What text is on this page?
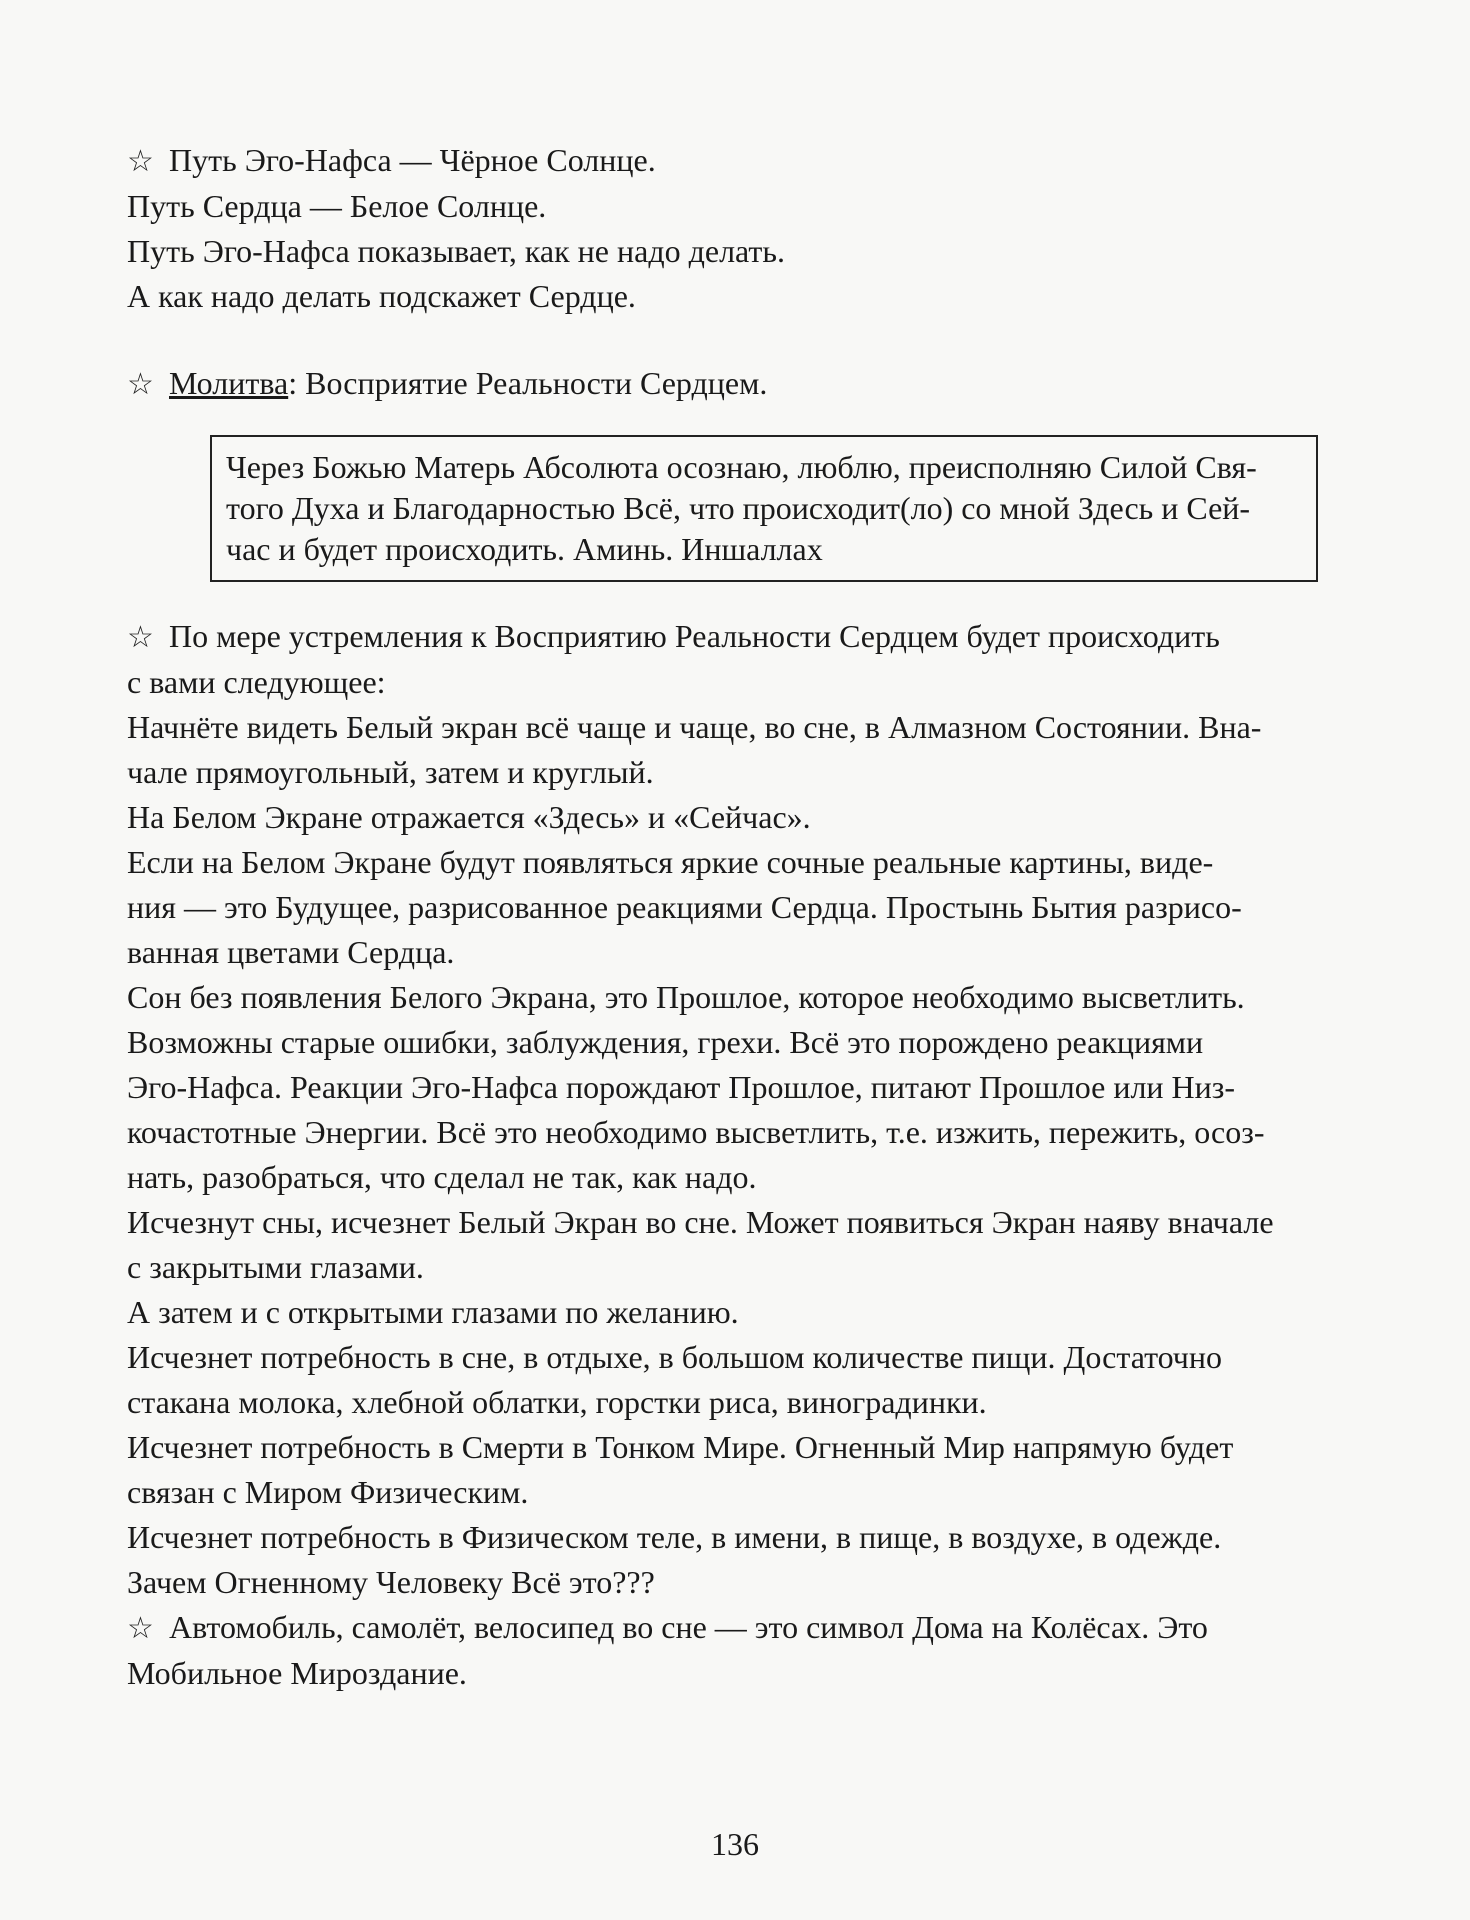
☆ Путь Эго-Нафса — Чёрное Солнце.
Путь Сердца — Белое Солнце.
Путь Эго-Нафса показывает, как не надо делать.
А как надо делать подскажет Сердце.
☆ Молитва: Восприятие Реальности Сердцем.
Через Божью Матерь Абсолюта осознаю, люблю, преисполняю Силой Свя-
того Духа и Благодарностью Всё, что происходит(ло) со мной Здесь и Сей-
час и будет происходить. Аминь. Иншаллах
☆ По мере устремления к Восприятию Реальности Сердцем будет происходить
с вами следующее:
Начнёте видеть Белый экран всё чаще и чаще, во сне, в Алмазном Состоянии. Вна-
чале прямоугольный, затем и круглый.
На Белом Экране отражается «Здесь» и «Сейчас».
Если на Белом Экране будут появляться яркие сочные реальные картины, виде-
ния — это Будущее, разрисованное реакциями Сердца. Простынь Бытия разрисо-
ванная цветами Сердца.
Сон без появления Белого Экрана, это Прошлое, которое необходимо высветлить.
Возможны старые ошибки, заблуждения, грехи. Всё это порождено реакциями
Эго-Нафса. Реакции Эго-Нафса порождают Прошлое, питают Прошлое или Низ-
кочастотные Энергии. Всё это необходимо высветлить, т.е. изжить, пережить, осоз-
нать, разобраться, что сделал не так, как надо.
Исчезнут сны, исчезнет Белый Экран во сне. Может появиться Экран наяву вначале
с закрытыми глазами.
А затем и с открытыми глазами по желанию.
Исчезнет потребность в сне, в отдыхе, в большом количестве пищи. Достаточно
стакана молока, хлебной облатки, горстки риса, виноградинки.
Исчезнет потребность в Смерти в Тонком Мире. Огненный Мир напрямую будет
связан с Миром Физическим.
Исчезнет потребность в Физическом теле, в имени, в пище, в воздухе, в одежде.
Зачем Огненному Человеку Всё это???
☆ Автомобиль, самолёт, велосипед во сне — это символ Дома на Колёсах. Это
Мобильное Мироздание.
136
